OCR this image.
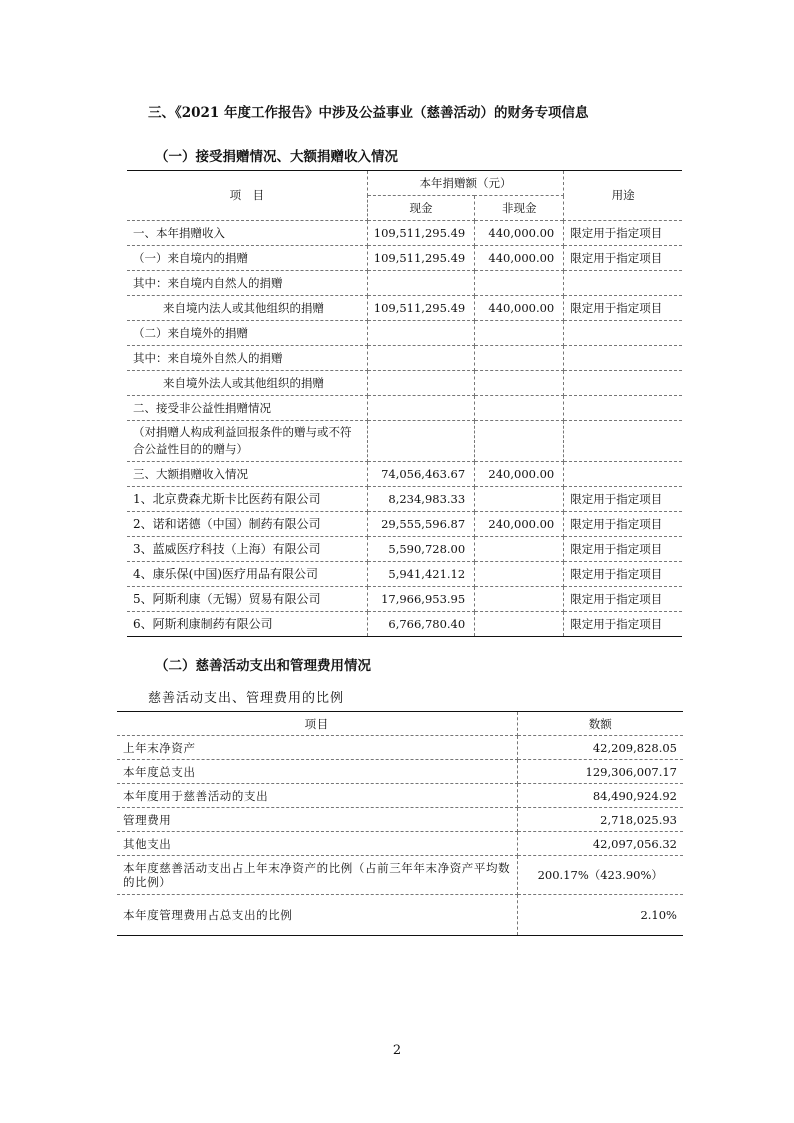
三、《2021 年度工作报告》中涉及公益事业（慈善活动）的财务专项信息
（一）接受捐赠情况、大额捐赠收入情况
项　目	本年捐赠额（元）		用途
	现金	非现金	
一、本年捐赠收入	109,511,295.49	440,000.00	限定用于指定项目
（一）来自境内的捐赠	109,511,295.49	440,000.00	限定用于指定项目
其中：来自境内自然人的捐赠			
来自境内法人或其他组织的捐赠	109,511,295.49	440,000.00	限定用于指定项目
（二）来自境外的捐赠			
其中：来自境外自然人的捐赠			
来自境外法人或其他组织的捐赠			
二、接受非公益性捐赠情况			
（对捐赠人构成利益回报条件的赠与或不符合公益性目的的赠与）			
三、大额捐赠收入情况	74,056,463.67	240,000.00	
1、北京费森尤斯卡比医药有限公司	8,234,983.33		限定用于指定项目
2、诺和诺德（中国）制药有限公司	29,555,596.87	240,000.00	限定用于指定项目
3、蓝威医疗科技（上海）有限公司	5,590,728.00		限定用于指定项目
4、康乐保(中国)医疗用品有限公司	5,941,421.12		限定用于指定项目
5、阿斯利康（无锡）贸易有限公司	17,966,953.95		限定用于指定项目
6、阿斯利康制药有限公司	6,766,780.40		限定用于指定项目
（二）慈善活动支出和管理费用情况
慈善活动支出、管理费用的比例
项目	数额
上年末净资产	42,209,828.05
本年度总支出	129,306,007.17
本年度用于慈善活动的支出	84,490,924.92
管理费用	2,718,025.93
其他支出	42,097,056.32
本年度慈善活动支出占上年末净资产的比例（占前三年年末净资产平均数的比例）	200.17%（423.90%）
本年度管理费用占总支出的比例	2.10%
2
